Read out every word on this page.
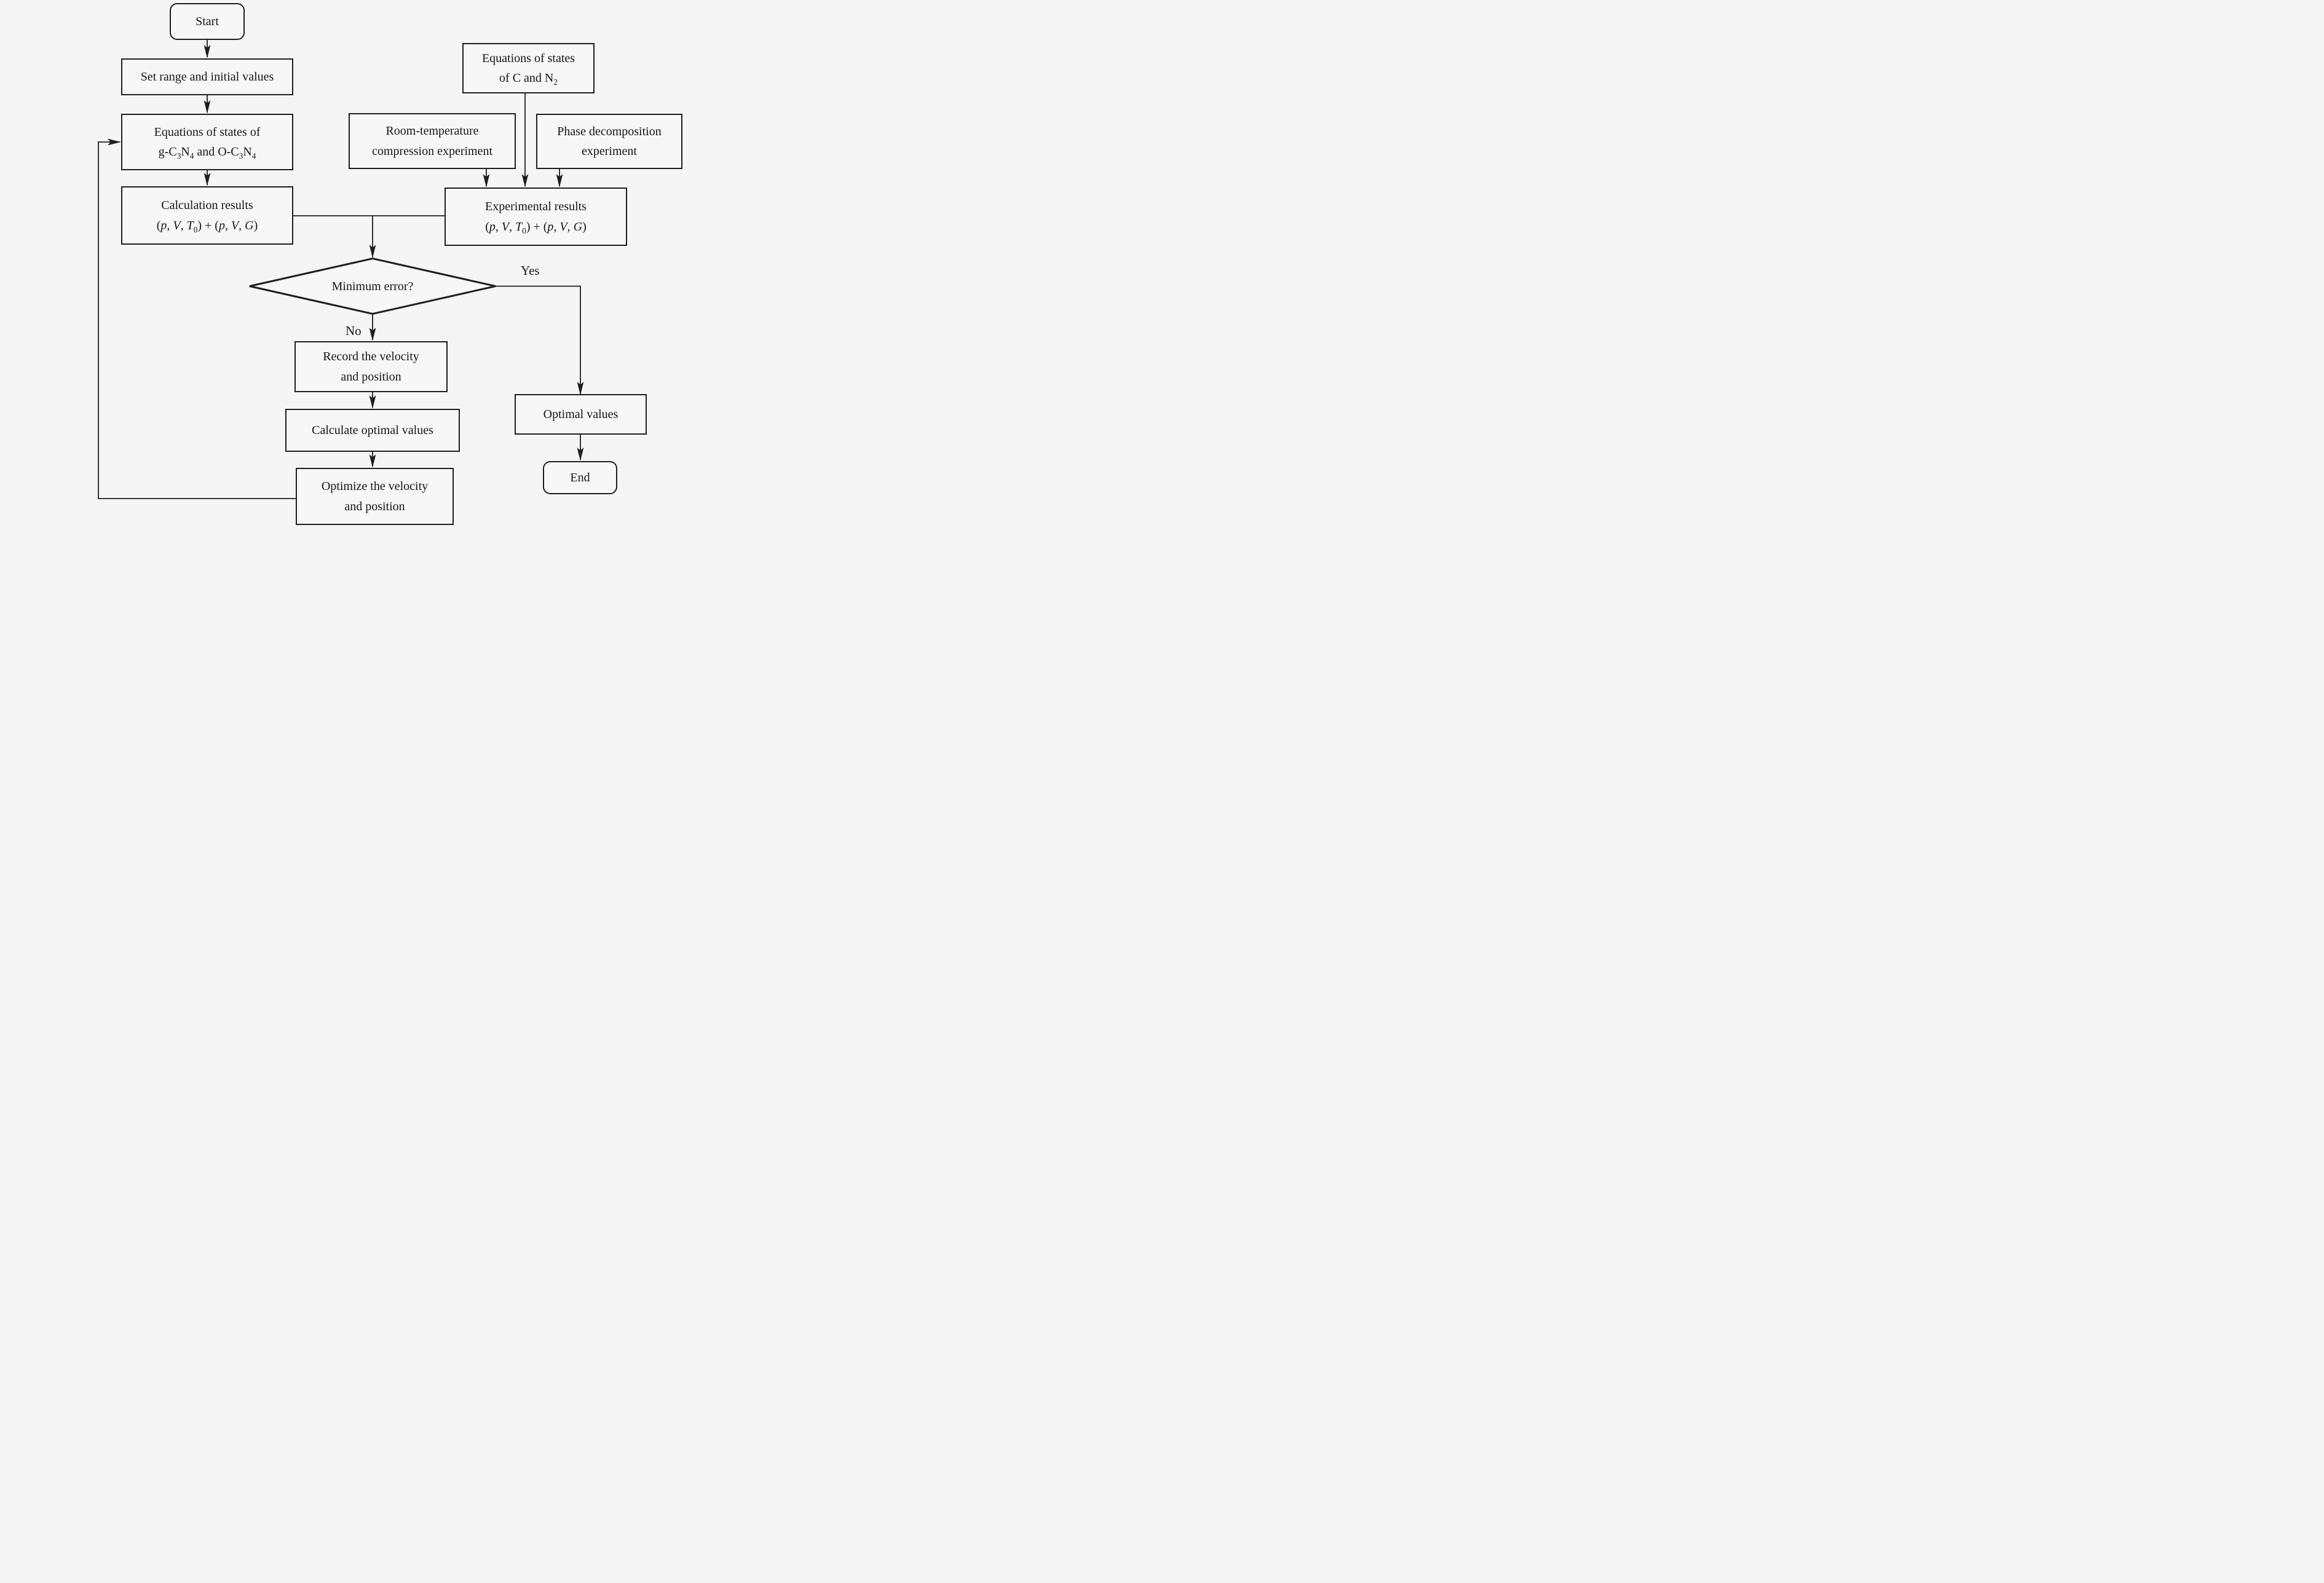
Start
Set range and initial values
Equations of states of
$g-C_3N_4$ and $O-C_3N_4$
Calculation results
(p, V, $T_0) + (p$, V, G)
Equations of states
of C and $N_2$
Room-temperature
compression experiment
Phase decomposition
experiment
Experimental results
(p, V, $T_0) + (p$, V, G)
Minimum error?
Record the velocity
and position
Calculate optimal values
Optimize the velocity
and position
Optimal values
End
Yes
No
